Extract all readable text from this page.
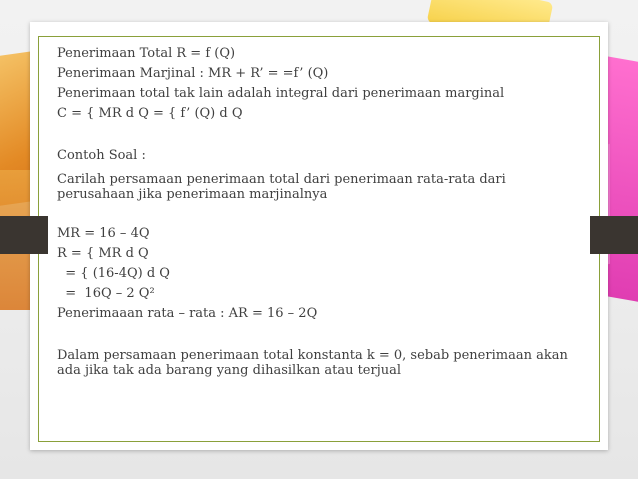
Penerimaan Total R = f (Q)

Penerimaan Marjinal : MR + R’ = =f’ (Q)

Penerimaan total tak lain adalah integral dari penerimaan marginal

C = { MR d Q = { f’ (Q) d Q

Contoh Soal :

Carilah persamaan penerimaan total dari penerimaan rata-rata dari perusahaan jika penerimaan marjinalnya

MR = 16 – 4Q

R = { MR d Q

= { (16-4Q) d Q

=  16Q – 2 Q²

Penerimaaan rata – rata : AR = 16 – 2Q

Dalam persamaan penerimaan total konstanta k = 0, sebab penerimaan akan ada jika tak ada barang yang dihasilkan atau terjual
